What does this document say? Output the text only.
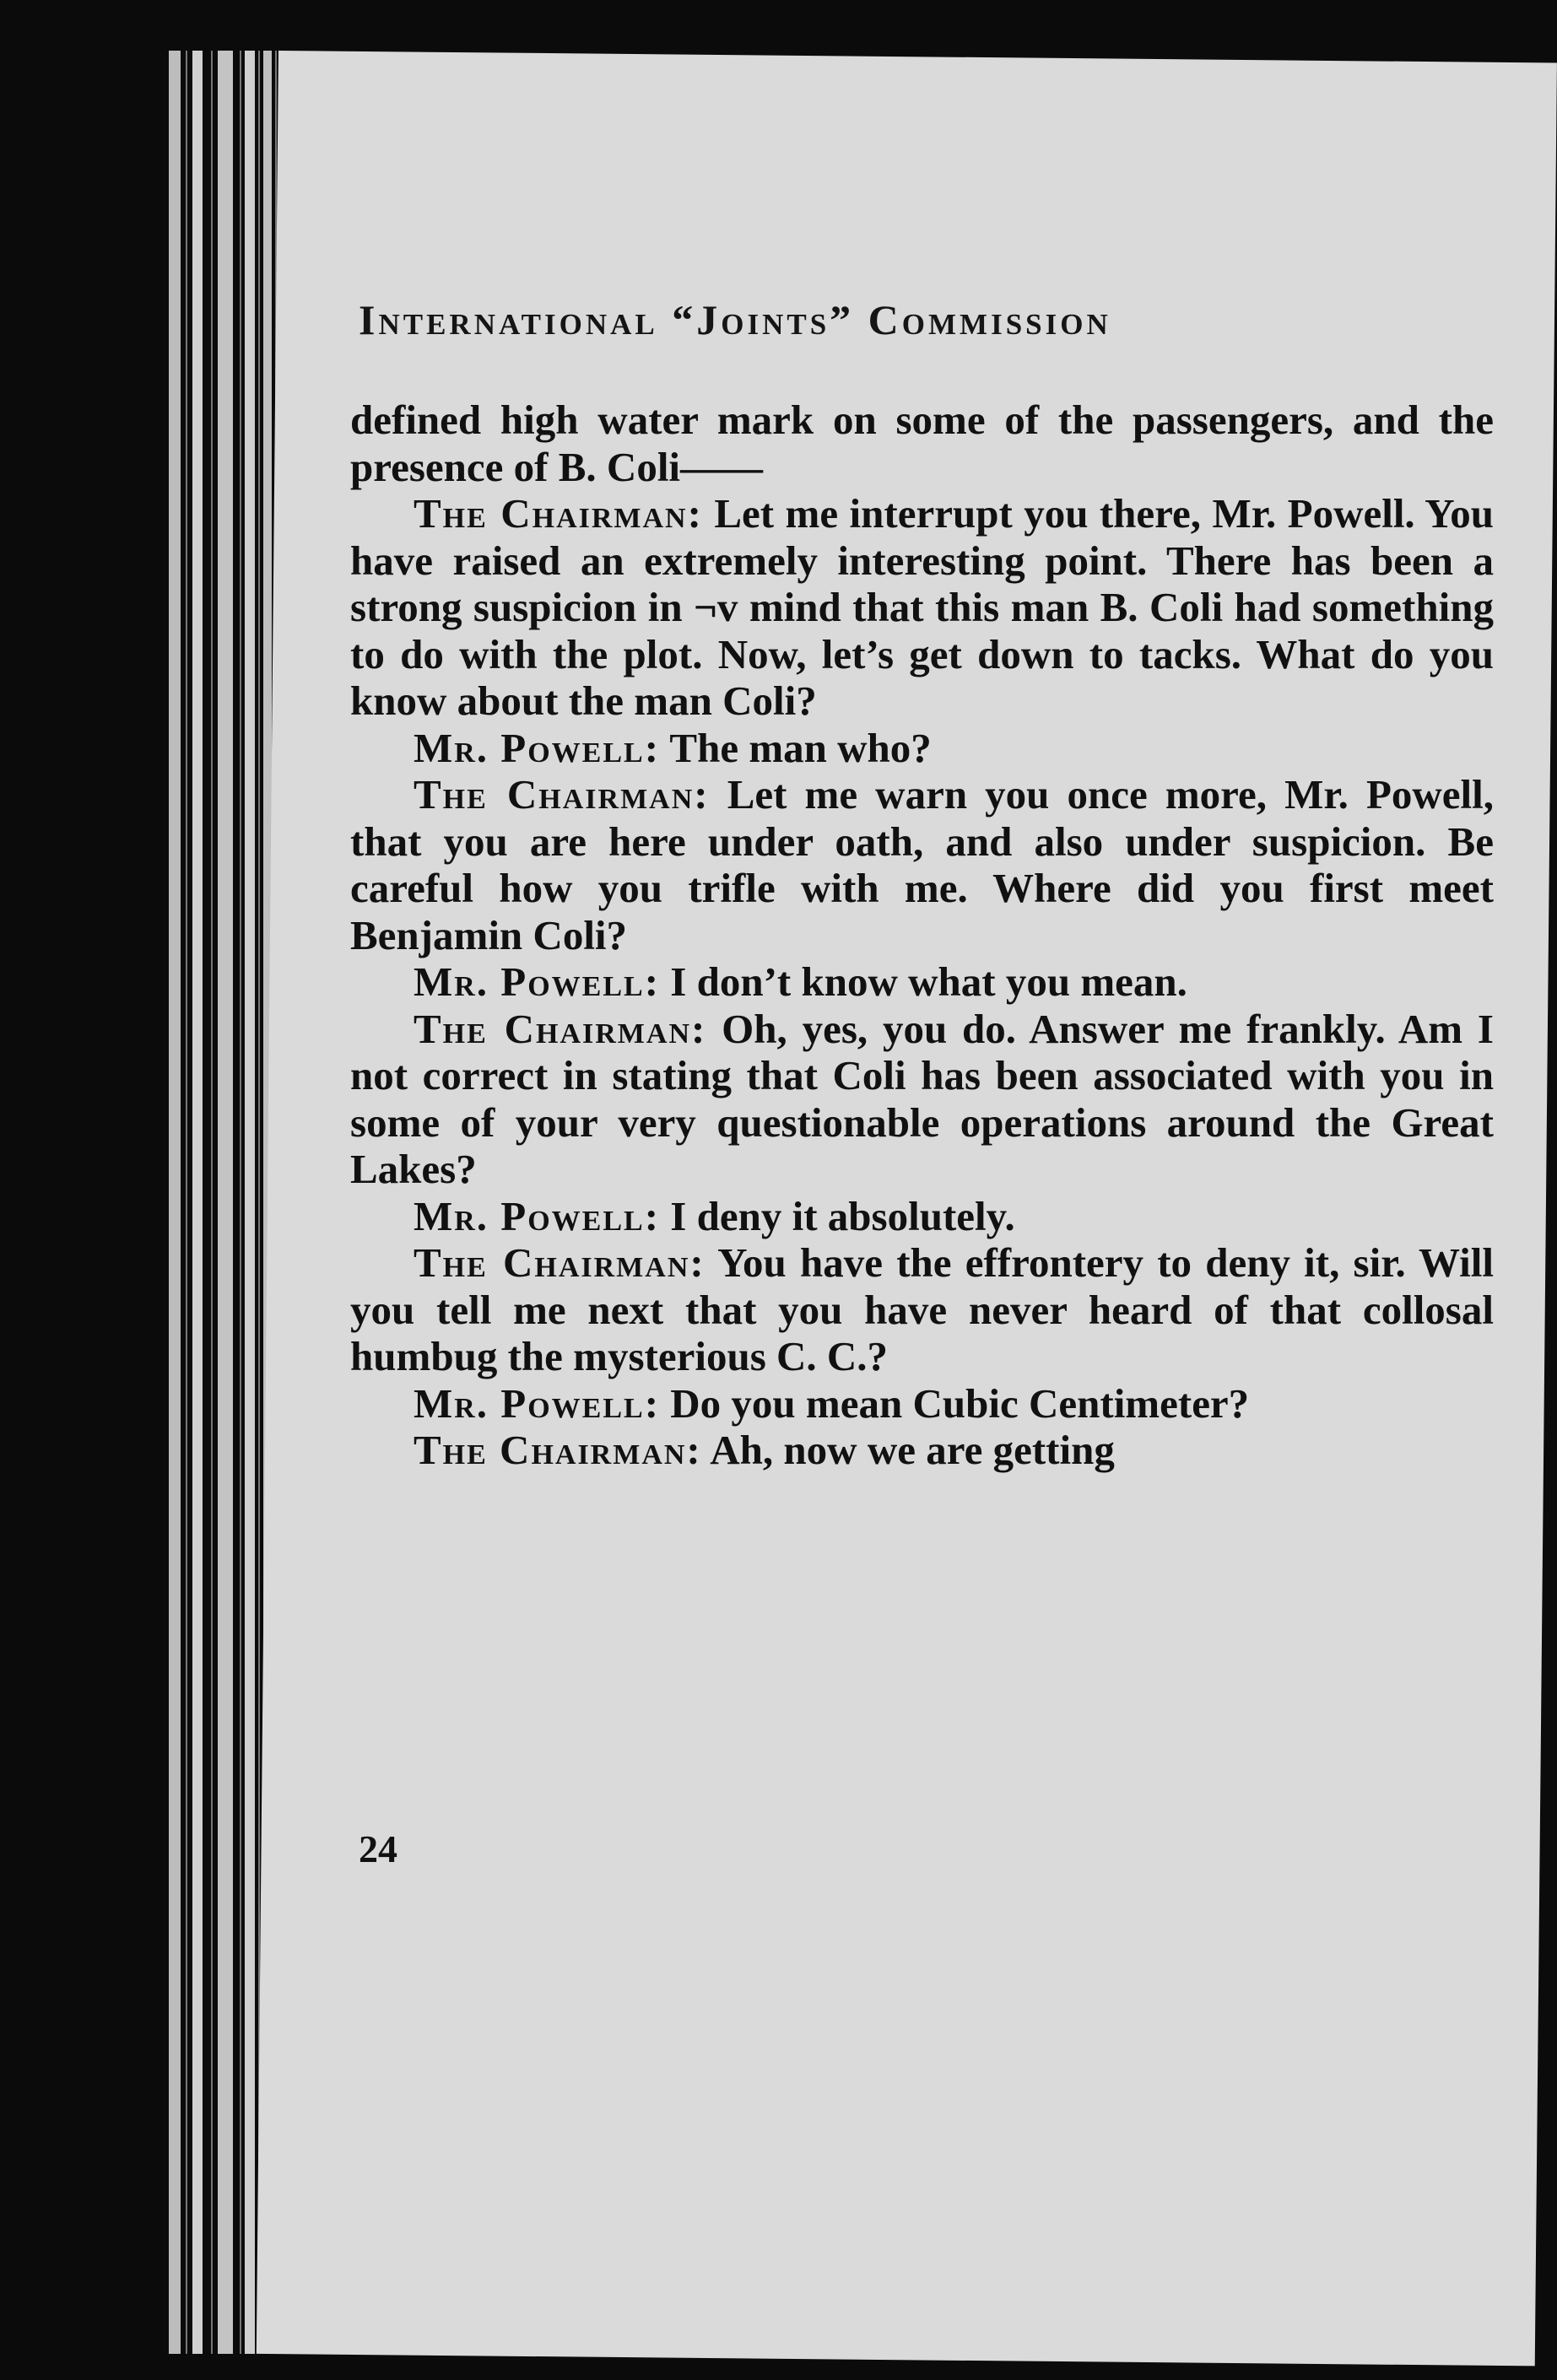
International “Joints” Commission

defined high water mark on some of the passengers, and the presence of B. Coli——

The Chairman: Let me interrupt you there, Mr. Powell. You have raised an extremely interesting point. There has been a strong suspicion in ¬v mind that this man B. Coli had something to do with the plot. Now, let’s get down to tacks. What do you know about the man Coli?

Mr. Powell: The man who?

The Chairman: Let me warn you once more, Mr. Powell, that you are here under oath, and also under suspicion. Be careful how you trifle with me. Where did you first meet Benjamin Coli?

Mr. Powell: I don’t know what you mean.

The Chairman: Oh, yes, you do. Answer me frankly. Am I not correct in stating that Coli has been associated with you in some of your very questionable operations around the Great Lakes?

Mr. Powell: I deny it absolutely.

The Chairman: You have the effrontery to deny it, sir. Will you tell me next that you have never heard of that collosal humbug the mysterious C. C.?

Mr. Powell: Do you mean Cubic Centimeter?

The Chairman: Ah, now we are getting

24
